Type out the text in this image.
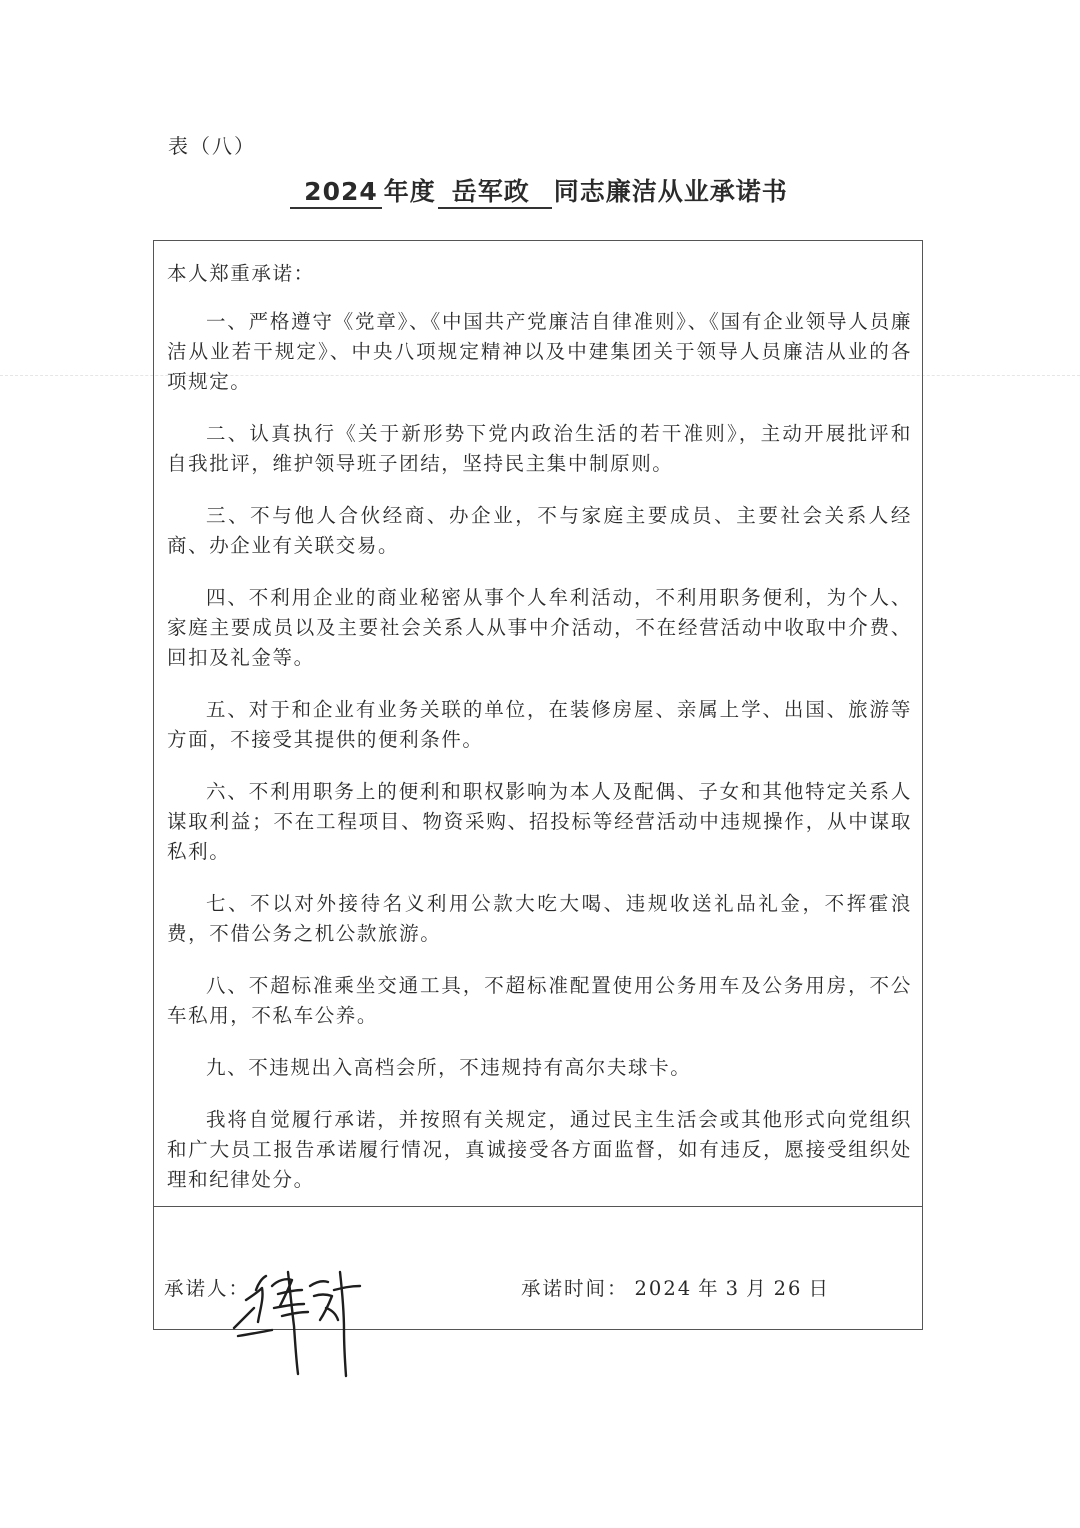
表（八）
2024 年度 岳军政 同志廉洁从业承诺书

本人郑重承诺：

一、严格遵守《党章》、《中国共产党廉洁自律准则》、《国有企业领导人员廉洁从业若干规定》、中央八项规定精神以及中建集团关于领导人员廉洁从业的各项规定。

二、认真执行《关于新形势下党内政治生活的若干准则》，主动开展批评和自我批评，维护领导班子团结，坚持民主集中制原则。

三、不与他人合伙经商、办企业，不与家庭主要成员、主要社会关系人经商、办企业有关联交易。

四、不利用企业的商业秘密从事个人牟利活动，不利用职务便利，为个人、家庭主要成员以及主要社会关系人从事中介活动，不在经营活动中收取中介费、回扣及礼金等。

五、对于和企业有业务关联的单位，在装修房屋、亲属上学、出国、旅游等方面，不接受其提供的便利条件。

六、不利用职务上的便利和职权影响为本人及配偶、子女和其他特定关系人谋取利益；不在工程项目、物资采购、招投标等经营活动中违规操作，从中谋取私利。

七、不以对外接待名义利用公款大吃大喝、违规收送礼品礼金，不挥霍浪费，不借公务之机公款旅游。

八、不超标准乘坐交通工具，不超标准配置使用公务用车及公务用房，不公车私用，不私车公养。

九、不违规出入高档会所，不违规持有高尔夫球卡。

我将自觉履行承诺，并按照有关规定，通过民主生活会或其他形式向党组织和广大员工报告承诺履行情况，真诚接受各方面监督，如有违反，愿接受组织处理和纪律处分。

承诺人：	承诺时间： 2024 年 3 月 26 日
